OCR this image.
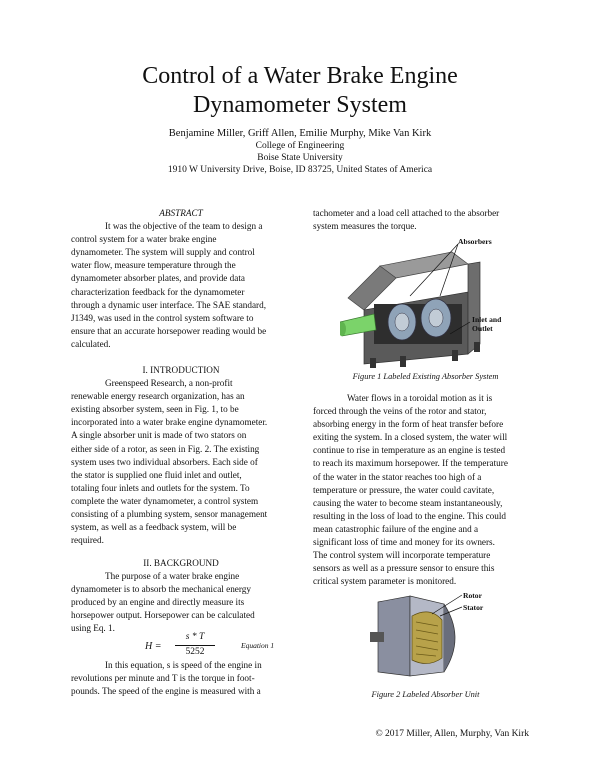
Control of a Water Brake Engine
Dynamometer System
Benjamine Miller, Griff Allen, Emilie Murphy, Mike Van Kirk
College of Engineering
Boise State University
1910 W University Drive, Boise, ID 83725, United States of America

ABSTRACT

It was the objective of the team to design a

control system for a water brake engine

dynamometer. The system will supply and control

water flow, measure temperature through the

dynamometer absorber plates, and provide data

characterization feedback for the dynamometer

through a dynamic user interface. The SAE standard,

J1349, was used in the control system software to

ensure that an accurate horsepower reading would be

calculated.

I. INTRODUCTION

Greenspeed Research, a non-profit

renewable energy research organization, has an

existing absorber system, seen in Fig. 1, to be

incorporated into a water brake engine dynamometer.

A single absorber unit is made of two stators on

either side of a rotor, as seen in Fig. 2. The existing

system uses two individual absorbers. Each side of

the stator is supplied one fluid inlet and outlet,

totaling four inlets and outlets for the system. To

complete the water dynamometer, a control system

consisting of a plumbing system, sensor management

system, as well as a feedback system, will be

required.

II. BACKGROUND

The purpose of a water brake engine

dynamometer is to absorb the mechanical energy

produced by an engine and directly measure its

horsepower output. Horsepower can be calculated

using Eq. 1.

H =
s * T
5252
Equation 1

In this equation, s is speed of the engine in

revolutions per minute and T is the torque in foot-

pounds. The speed of the engine is measured with a

tachometer and a load cell attached to the absorber

system measures the torque.

Absorbers
Inlet and
Outlet
Figure 1 Labeled Existing Absorber System

Water flows in a toroidal motion as it is

forced through the veins of the rotor and stator,

absorbing energy in the form of heat transfer before

exiting the system. In a closed system, the water will

continue to rise in temperature as an engine is tested

to reach its maximum horsepower. If the temperature

of the water in the stator reaches too high of a

temperature or pressure, the water could cavitate,

causing the water to become steam instantaneously,

resulting in the loss of load to the engine. This could

mean catastrophic failure of the engine and a

significant loss of time and money for its owners.

The control system will incorporate temperature

sensors as well as a pressure sensor to ensure this

critical system parameter is monitored.

Rotor
Stator
Figure 2 Labeled Absorber Unit
© 2017 Miller, Allen, Murphy, Van Kirk
